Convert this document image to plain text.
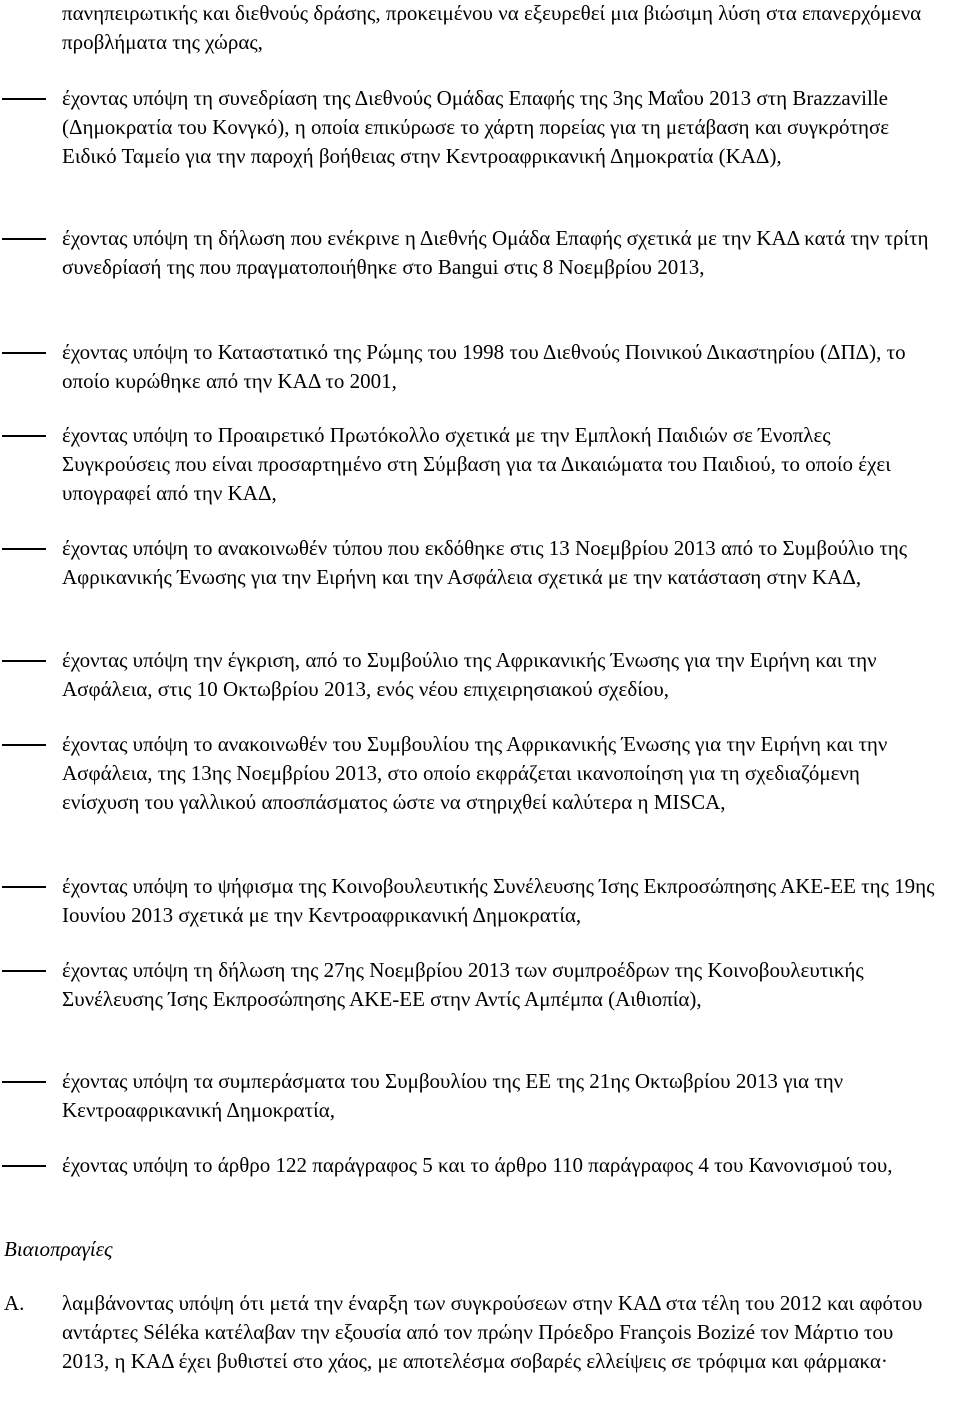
πανηπειρωτικής και διεθνούς δράσης, προκειμένου να εξευρεθεί μια βιώσιμη λύση στα επανερχόμενα προβλήματα της χώρας,

έχοντας υπόψη τη συνεδρίαση της Διεθνούς Ομάδας Επαφής της 3ης Μαΐου 2013 στη Brazzaville (Δημοκρατία του Κονγκό), η οποία επικύρωσε το χάρτη πορείας για τη μετάβαση και συγκρότησε Ειδικό Ταμείο για την παροχή βοήθειας στην Κεντροαφρικανική Δημοκρατία (ΚΑΔ),

έχοντας υπόψη τη δήλωση που ενέκρινε η Διεθνής Ομάδα Επαφής σχετικά με την ΚΑΔ κατά την τρίτη συνεδρίασή της που πραγματοποιήθηκε στο Bangui στις 8 Νοεμβρίου 2013,

έχοντας υπόψη το Καταστατικό της Ρώμης του 1998 του Διεθνούς Ποινικού Δικαστηρίου (ΔΠΔ), το οποίο κυρώθηκε από την ΚΑΔ το 2001,

έχοντας υπόψη το Προαιρετικό Πρωτόκολλο σχετικά με την Εμπλοκή Παιδιών σε Ένοπλες Συγκρούσεις που είναι προσαρτημένο στη Σύμβαση για τα Δικαιώματα του Παιδιού, το οποίο έχει υπογραφεί από την ΚΑΔ,

έχοντας υπόψη το ανακοινωθέν τύπου που εκδόθηκε στις 13 Νοεμβρίου 2013 από το Συμβούλιο της Αφρικανικής Ένωσης για την Ειρήνη και την Ασφάλεια σχετικά με την κατάσταση στην ΚΑΔ,

έχοντας υπόψη την έγκριση, από το Συμβούλιο της Αφρικανικής Ένωσης για την Ειρήνη και την Ασφάλεια, στις 10 Οκτωβρίου 2013, ενός νέου επιχειρησιακού σχεδίου,

έχοντας υπόψη το ανακοινωθέν του Συμβουλίου της Αφρικανικής Ένωσης για την Ειρήνη και την Ασφάλεια, της 13ης Νοεμβρίου 2013, στο οποίο εκφράζεται ικανοποίηση για τη σχεδιαζόμενη ενίσχυση του γαλλικού αποσπάσματος ώστε να στηριχθεί καλύτερα η MISCA,

έχοντας υπόψη το ψήφισμα της Κοινοβουλευτικής Συνέλευσης Ίσης Εκπροσώπησης ΑΚΕ-ΕΕ της 19ης Ιουνίου 2013 σχετικά με την Κεντροαφρικανική Δημοκρατία,

έχοντας υπόψη τη δήλωση της 27ης Νοεμβρίου 2013 των συμπροέδρων της Κοινοβουλευτικής Συνέλευσης Ίσης Εκπροσώπησης ΑΚΕ-ΕΕ στην Αντίς Αμπέμπα (Αιθιοπία),

έχοντας υπόψη τα συμπεράσματα του Συμβουλίου της ΕΕ της 21ης Οκτωβρίου 2013 για την Κεντροαφρικανική Δημοκρατία,

έχοντας υπόψη το άρθρο 122 παράγραφος 5 και το άρθρο 110 παράγραφος 4 του Κανονισμού του,

Βιαιοπραγίες

Α. λαμβάνοντας υπόψη ότι μετά την έναρξη των συγκρούσεων στην ΚΑΔ στα τέλη του 2012 και αφότου αντάρτες Séléka κατέλαβαν την εξουσία από τον πρώην Πρόεδρο François Bozizé τον Μάρτιο του 2013, η ΚΑΔ έχει βυθιστεί στο χάος, με αποτελέσμα σοβαρές ελλείψεις σε τρόφιμα και φάρμακα·
